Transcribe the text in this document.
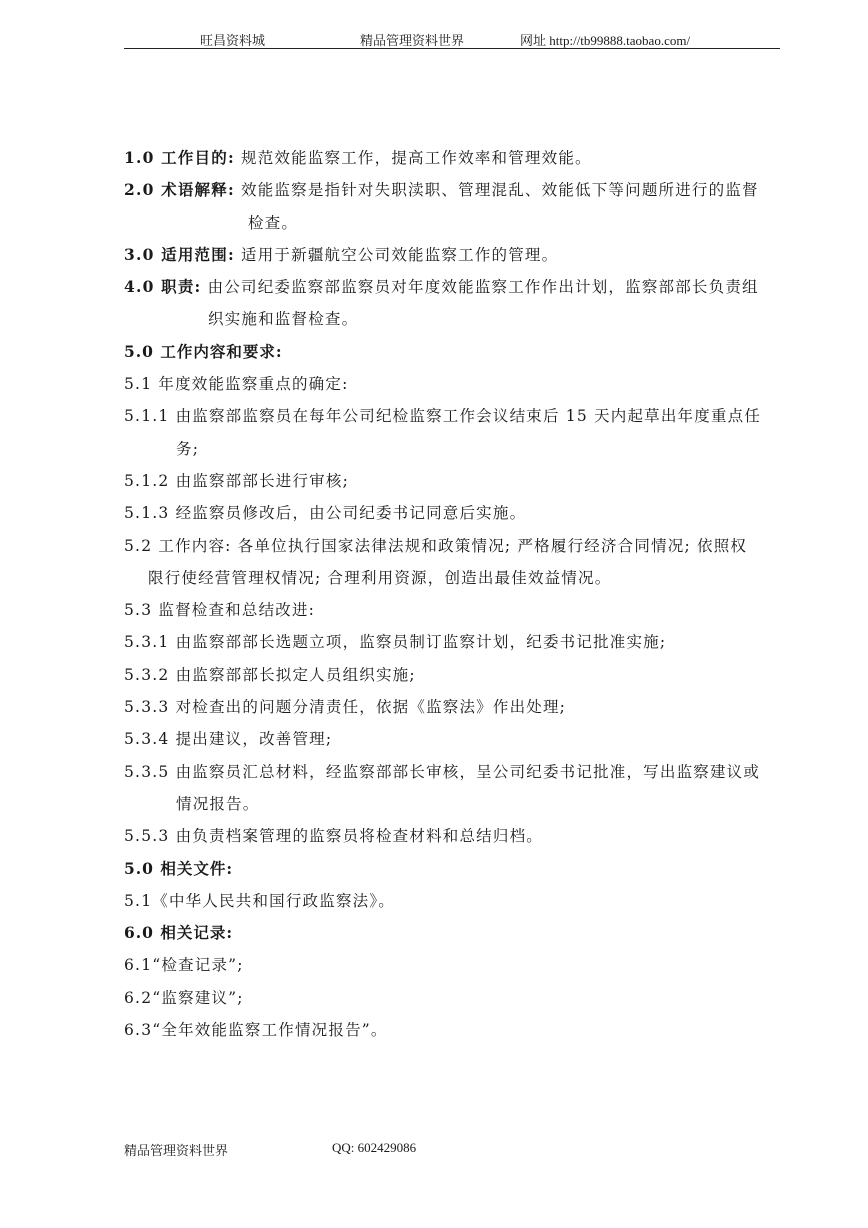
旺昌资料城	精品管理资料世界	网址 http://tb99888.taobao.com/
1.0 工作目的: 规范效能监察工作，提高工作效率和管理效能。
2.0 术语解释: 效能监察是指针对失职渎职、管理混乱、效能低下等问题所进行的监督
检查。
3.0 适用范围: 适用于新疆航空公司效能监察工作的管理。
4.0 职责: 由公司纪委监察部监察员对年度效能监察工作作出计划，监察部部长负责组
织实施和监督检查。
5.0 工作内容和要求:
5.1 年度效能监察重点的确定:
5.1.1 由监察部监察员在每年公司纪检监察工作会议结束后 15 天内起草出年度重点任
务;
5.1.2 由监察部部长进行审核;
5.1.3 经监察员修改后，由公司纪委书记同意后实施。
5.2 工作内容: 各单位执行国家法律法规和政策情况; 严格履行经济合同情况; 依照权
限行使经营管理权情况; 合理利用资源，创造出最佳效益情况。
5.3 监督检查和总结改进:
5.3.1 由监察部部长选题立项，监察员制订监察计划，纪委书记批准实施;
5.3.2 由监察部部长拟定人员组织实施;
5.3.3 对检查出的问题分清责任，依据《监察法》作出处理;
5.3.4 提出建议，改善管理;
5.3.5 由监察员汇总材料，经监察部部长审核，呈公司纪委书记批准，写出监察建议或
情况报告。
5.5.3 由负责档案管理的监察员将检查材料和总结归档。
5.0 相关文件:
5.1《中华人民共和国行政监察法》。
6.0 相关记录:
6.1“检查记录”;
6.2“监察建议”;
6.3“全年效能监察工作情况报告”。
精品管理资料世界	QQ: 602429086
